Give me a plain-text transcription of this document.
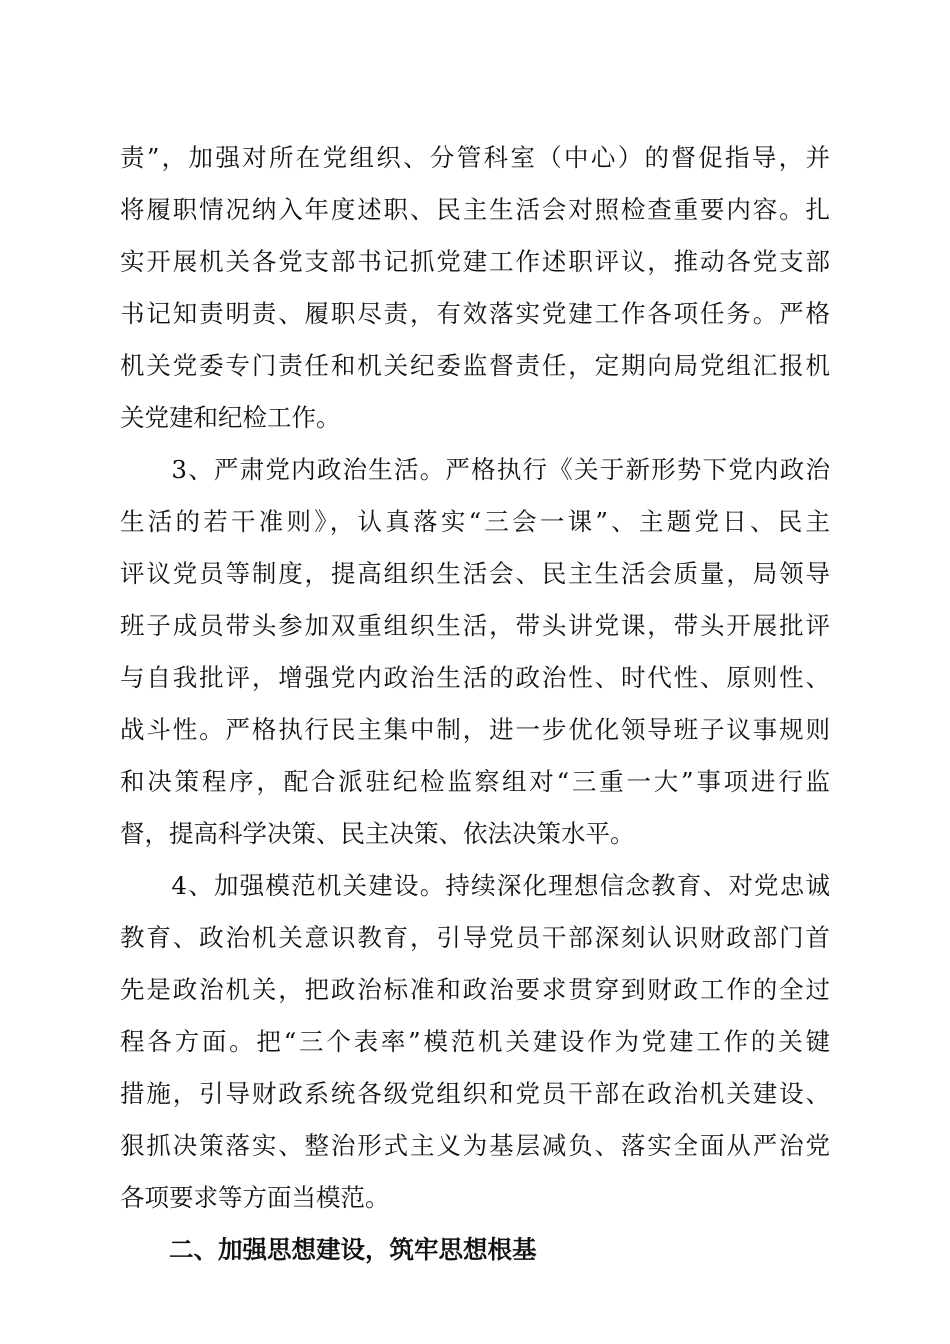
责”，加强对所在党组织、分管科室（中心）的督促指导，并
将履职情况纳入年度述职、民主生活会对照检查重要内容。扎
实开展机关各党支部书记抓党建工作述职评议，推动各党支部
书记知责明责、履职尽责，有效落实党建工作各项任务。严格
机关党委专门责任和机关纪委监督责任，定期向局党组汇报机
关党建和纪检工作。
　　3、严肃党内政治生活。严格执行《关于新形势下党内政治
生活的若干准则》，认真落实“三会一课”、主题党日、民主
评议党员等制度，提高组织生活会、民主生活会质量，局领导
班子成员带头参加双重组织生活，带头讲党课，带头开展批评
与自我批评，增强党内政治生活的政治性、时代性、原则性、
战斗性。严格执行民主集中制，进一步优化领导班子议事规则
和决策程序，配合派驻纪检监察组对“三重一大”事项进行监
督，提高科学决策、民主决策、依法决策水平。
　　4、加强模范机关建设。持续深化理想信念教育、对党忠诚
教育、政治机关意识教育，引导党员干部深刻认识财政部门首
先是政治机关，把政治标准和政治要求贯穿到财政工作的全过
程各方面。把“三个表率”模范机关建设作为党建工作的关键
措施，引导财政系统各级党组织和党员干部在政治机关建设、
狠抓决策落实、整治形式主义为基层减负、落实全面从严治党
各项要求等方面当模范。
　　二、加强思想建设，筑牢思想根基
